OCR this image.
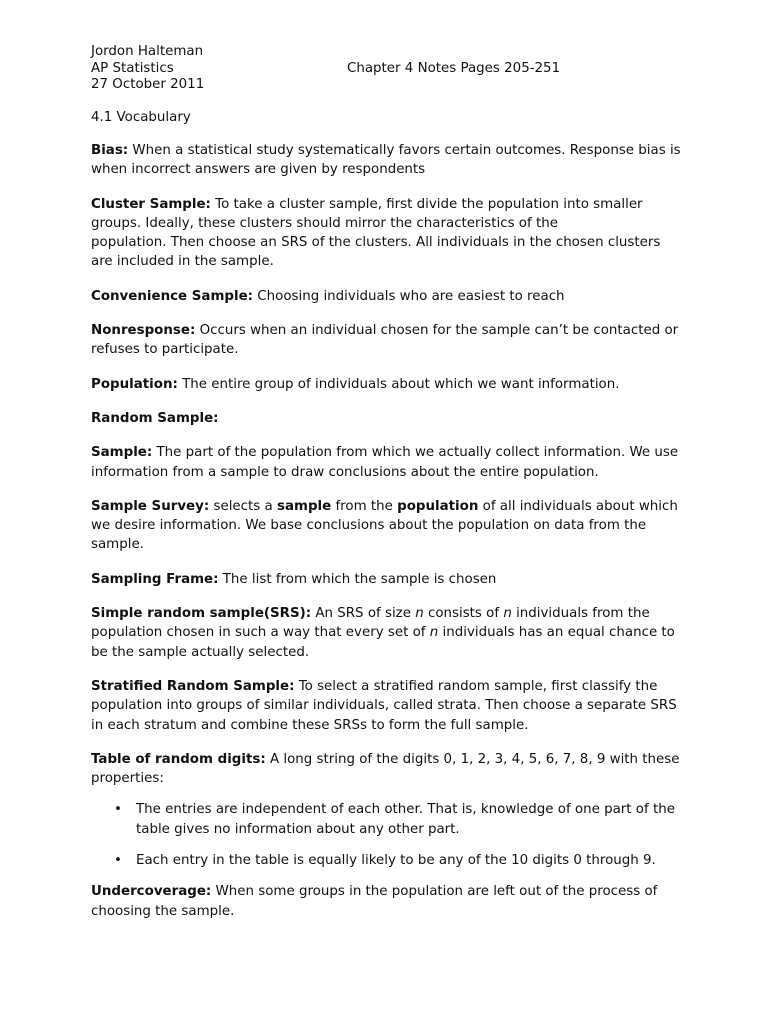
Jordon Halteman
AP Statistics	Chapter 4 Notes Pages 205-251
27 October 2011
4.1 Vocabulary
Bias: When a statistical study systematically favors certain outcomes. Response bias is when incorrect answers are given by respondents
Cluster Sample: To take a cluster sample, first divide the population into smaller groups. Ideally, these clusters should mirror the characteristics of the
population. Then choose an SRS of the clusters. All individuals in the chosen clusters are included in the sample.
Convenience Sample: Choosing individuals who are easiest to reach
Nonresponse: Occurs when an individual chosen for the sample can’t be contacted or refuses to participate.
Population: The entire group of individuals about which we want information.
Random Sample:
Sample: The part of the population from which we actually collect information. We use information from a sample to draw conclusions about the entire population.
Sample Survey: selects a sample from the population of all individuals about which we desire information. We base conclusions about the population on data from the sample.
Sampling Frame: The list from which the sample is chosen
Simple random sample(SRS): An SRS of size n consists of n individuals from the population chosen in such a way that every set of n individuals has an equal chance to be the sample actually selected.
Stratified Random Sample: To select a stratified random sample, first classify the population into groups of similar individuals, called strata. Then choose a separate SRS in each stratum and combine these SRSs to form the full sample.
Table of random digits: A long string of the digits 0, 1, 2, 3, 4, 5, 6, 7, 8, 9 with these properties:
• The entries are independent of each other. That is, knowledge of one part of the table gives no information about any other part.
• Each entry in the table is equally likely to be any of the 10 digits 0 through 9.
Undercoverage: When some groups in the population are left out of the process of choosing the sample.
